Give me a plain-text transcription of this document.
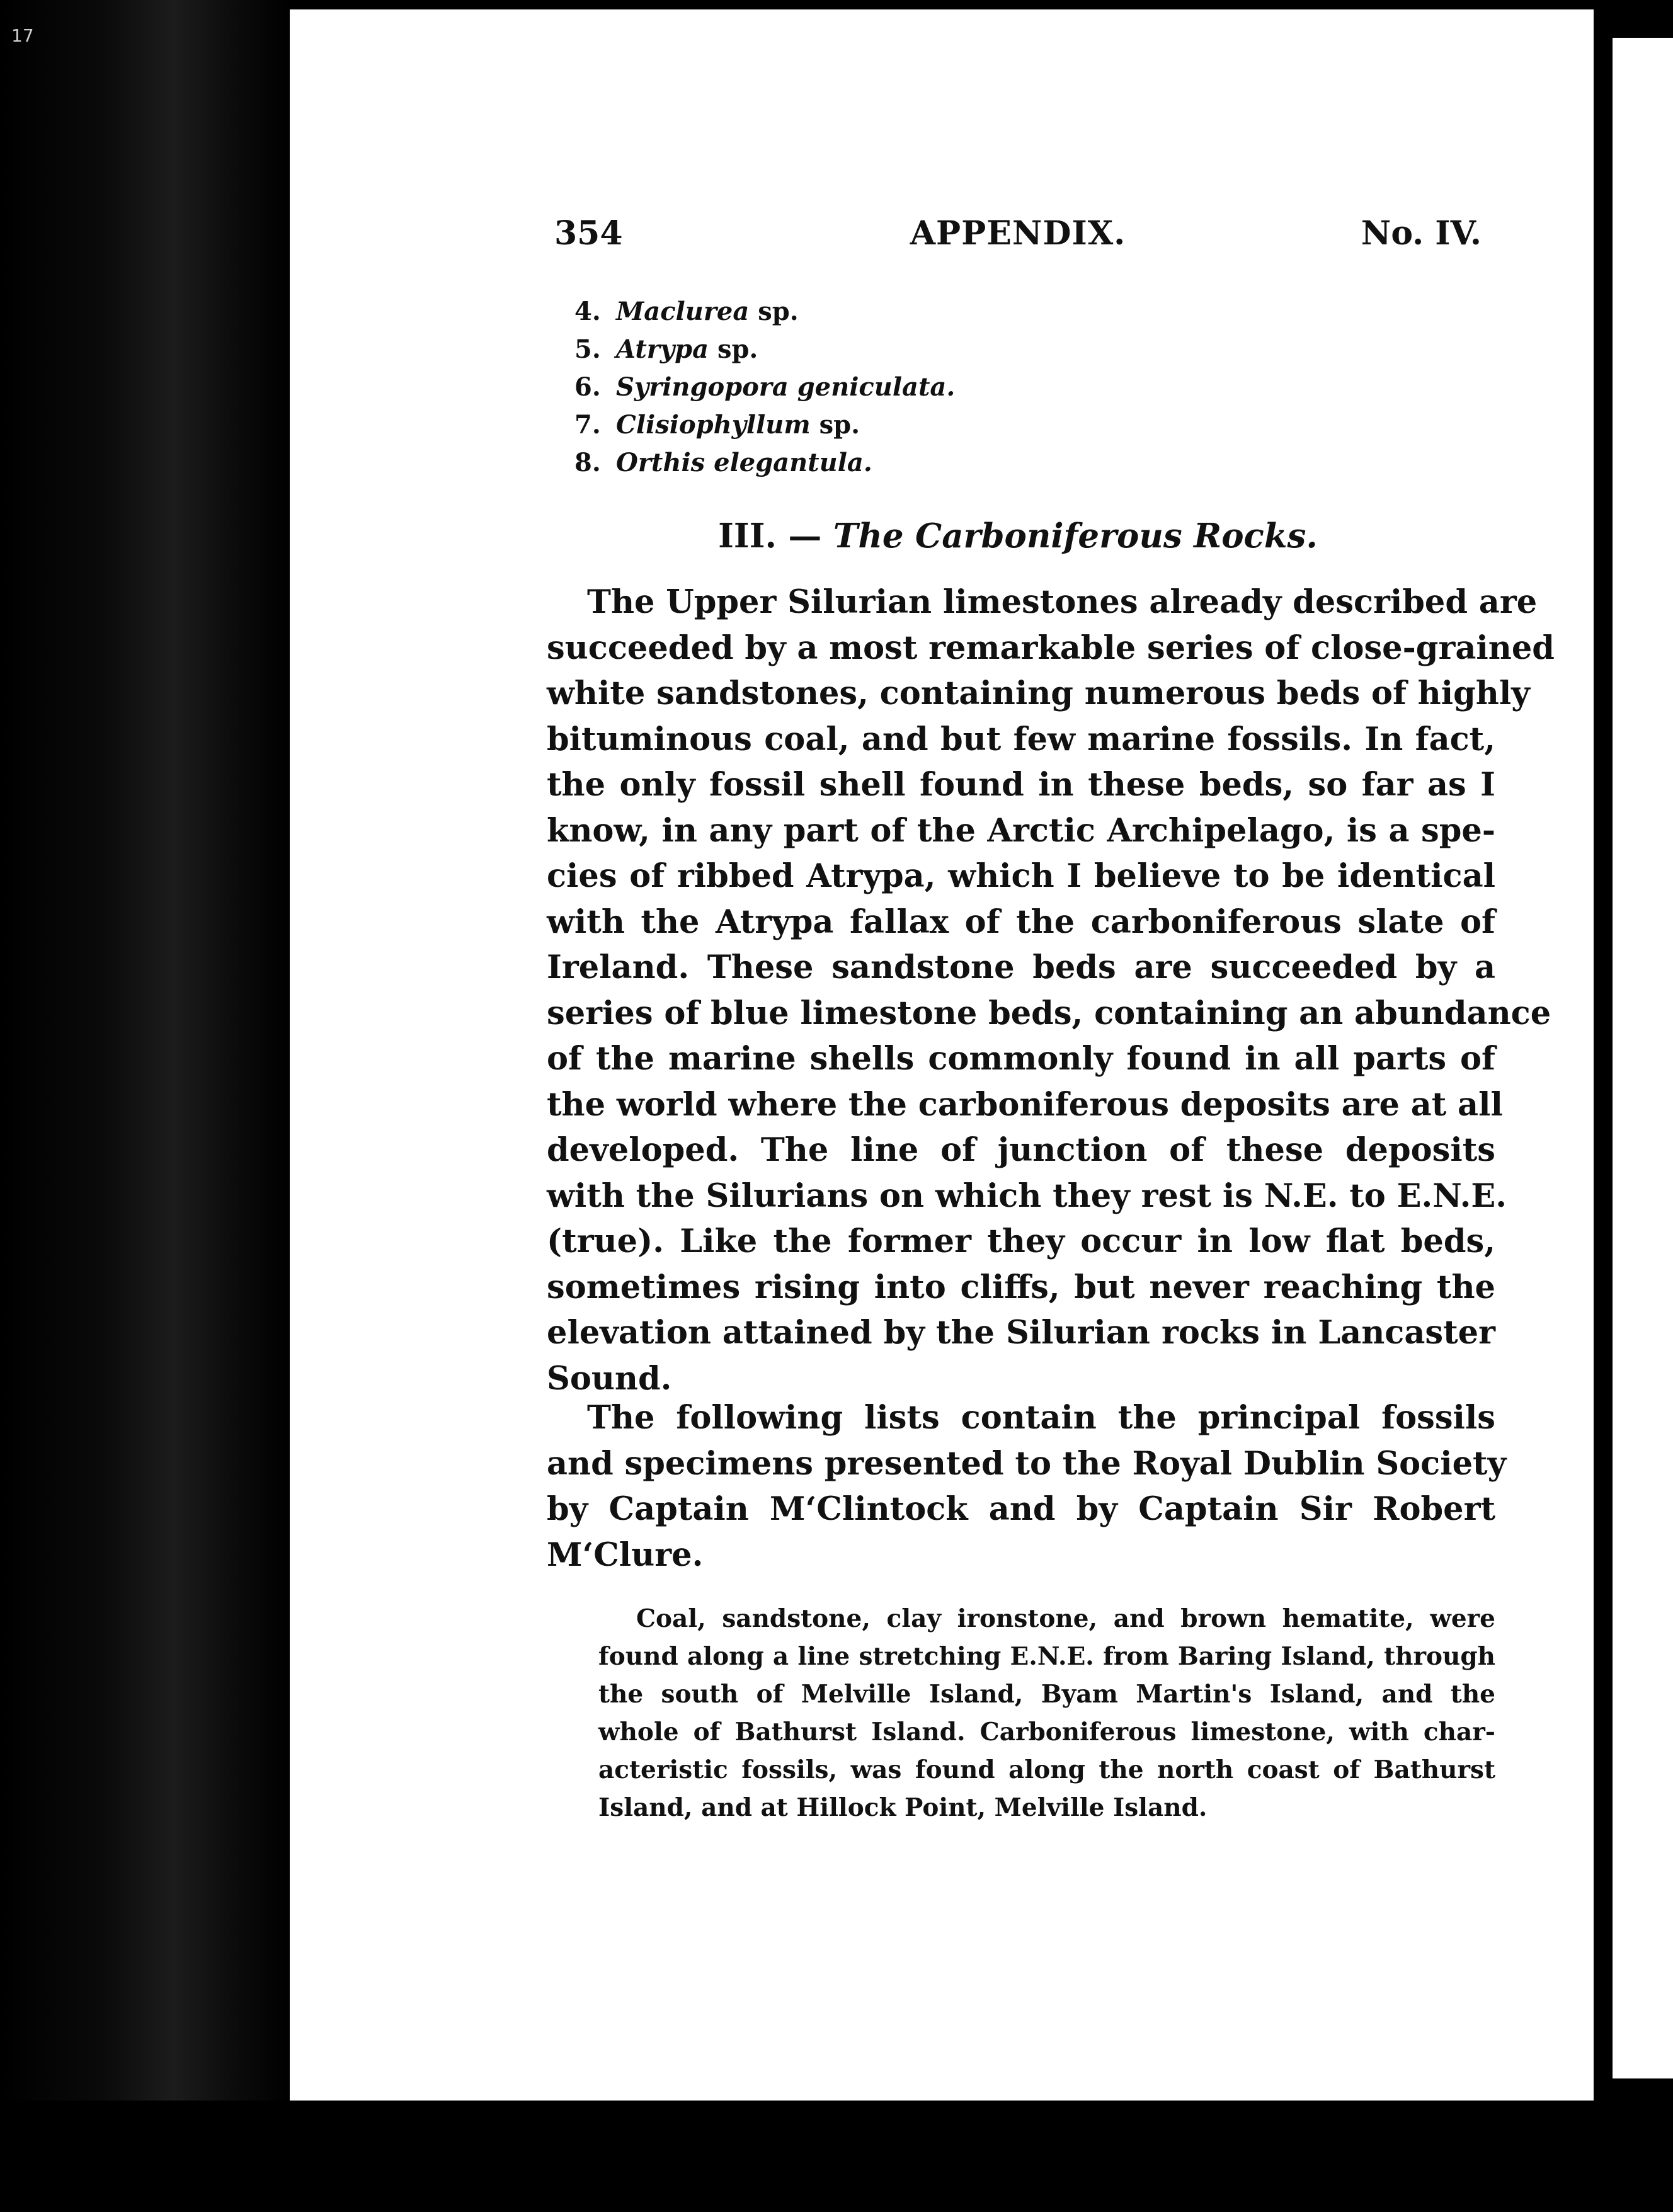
17
354	APPENDIX.	No. IV.
4. Maclurea sp.
5. Atrypa sp.
6. Syringopora geniculata.
7. Clisiophyllum sp.
8. Orthis elegantula.
III. — The Carboniferous Rocks.
The Upper Silurian limestones already described are
succeeded by a most remarkable series of close-grained
white sandstones, containing numerous beds of highly
bituminous coal, and but few marine fossils. In fact,
the only fossil shell found in these beds, so far as I
know, in any part of the Arctic Archipelago, is a spe-
cies of ribbed Atrypa, which I believe to be identical
with the Atrypa fallax of the carboniferous slate of
Ireland. These sandstone beds are succeeded by a
series of blue limestone beds, containing an abundance
of the marine shells commonly found in all parts of
the world where the carboniferous deposits are at all
developed. The line of junction of these deposits
with the Silurians on which they rest is N.E. to E.N.E.
(true). Like the former they occur in low flat beds,
sometimes rising into cliffs, but never reaching the
elevation attained by the Silurian rocks in Lancaster
Sound.
The following lists contain the principal fossils
and specimens presented to the Royal Dublin Society
by Captain M‘Clintock and by Captain Sir Robert
M‘Clure.
Coal, sandstone, clay ironstone, and brown hematite, were
found along a line stretching E.N.E. from Baring Island, through
the south of Melville Island, Byam Martin's Island, and the
whole of Bathurst Island. Carboniferous limestone, with char-
acteristic fossils, was found along the north coast of Bathurst
Island, and at Hillock Point, Melville Island.
